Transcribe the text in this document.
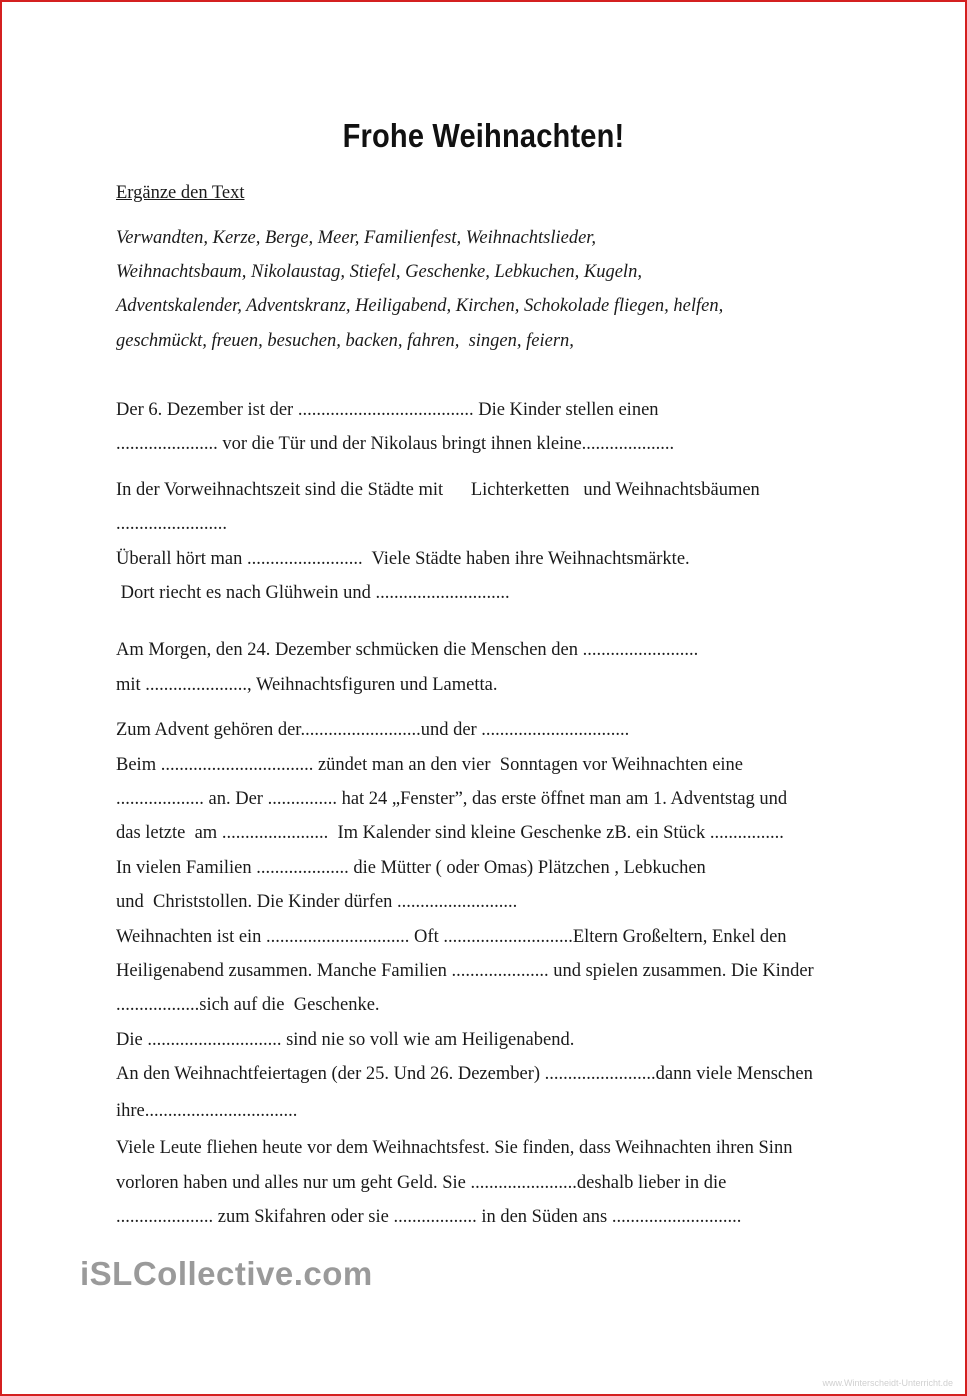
Frohe Weihnachten!
Ergänze den Text
Verwandten, Kerze, Berge, Meer, Familienfest, Weihnachtslieder,
Weihnachtsbaum, Nikolaustag, Stiefel, Geschenke, Lebkuchen, Kugeln,
Adventskalender, Adventskranz, Heiligabend, Kirchen, Schokolade fliegen, helfen,
geschmückt, freuen, besuchen, backen, fahren,  singen, feiern,
Der 6. Dezember ist der ...................................... Die Kinder stellen einen
...................... vor die Tür und der Nikolaus bringt ihnen kleine....................
In der Vorweihnachtszeit sind die Städte mit      Lichterketten   und Weihnachtsbäumen
........................
Überall hört man .........................  Viele Städte haben ihre Weihnachtsmärkte.
Dort riecht es nach Glühwein und .............................
Am Morgen, den 24. Dezember schmücken die Menschen den .........................
mit ......................, Weihnachtsfiguren und Lametta.
Zum Advent gehören der..........................und der ................................
Beim ................................. zündet man an den vier  Sonntagen vor Weihnachten eine
................... an. Der ............... hat 24 „Fenster”, das erste öffnet man am 1. Adventstag und
das letzte  am .......................  Im Kalender sind kleine Geschenke zB. ein Stück ................
In vielen Familien .................... die Mütter ( oder Omas) Plätzchen , Lebkuchen
und  Christstollen. Die Kinder dürfen ..........................
Weihnachten ist ein ............................... Oft ............................Eltern Großeltern, Enkel den
Heiligenabend zusammen. Manche Familien ..................... und spielen zusammen. Die Kinder
..................sich auf die  Geschenke.
Die ............................. sind nie so voll wie am Heiligenabend.
An den Weihnachtfeiertagen (der 25. Und 26. Dezember) ........................dann viele Menschen
ihre.................................
Viele Leute fliehen heute vor dem Weihnachtsfest. Sie finden, dass Weihnachten ihren Sinn
vorloren haben und alles nur um geht Geld. Sie .......................deshalb lieber in die
..................... zum Skifahren oder sie .................. in den Süden ans ............................
iSLCollective.com
www.Winterscheidt-Unterricht.de
